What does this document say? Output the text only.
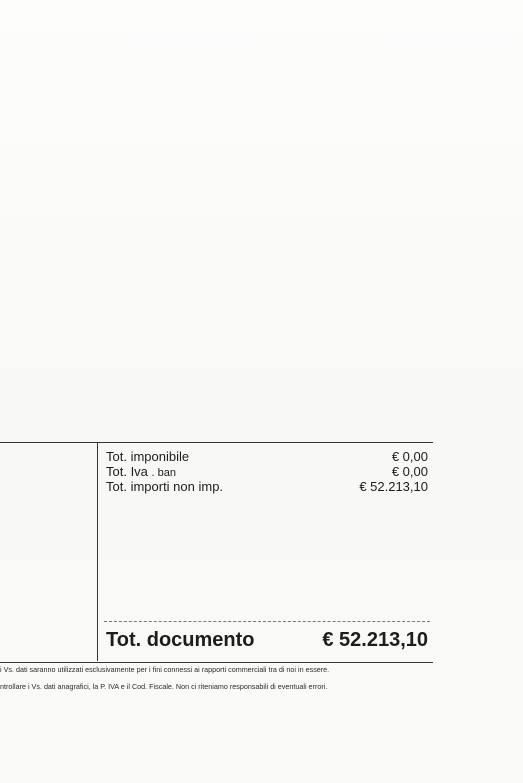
Tot. imponibile	€ 0,00
Tot. Iva . ban	€ 0,00
Tot. importi non imp.	€ 52.213,10
Tot. documento	€ 52.213,10
i Vs. dati saranno utilizzati esclusivamente per i fini connessi ai rapporti commerciali tra di noi in essere.
ntrollare i Vs. dati anagrafici, la P. IVA e il Cod. Fiscale. Non ci riteniamo responsabili di eventuali errori.
